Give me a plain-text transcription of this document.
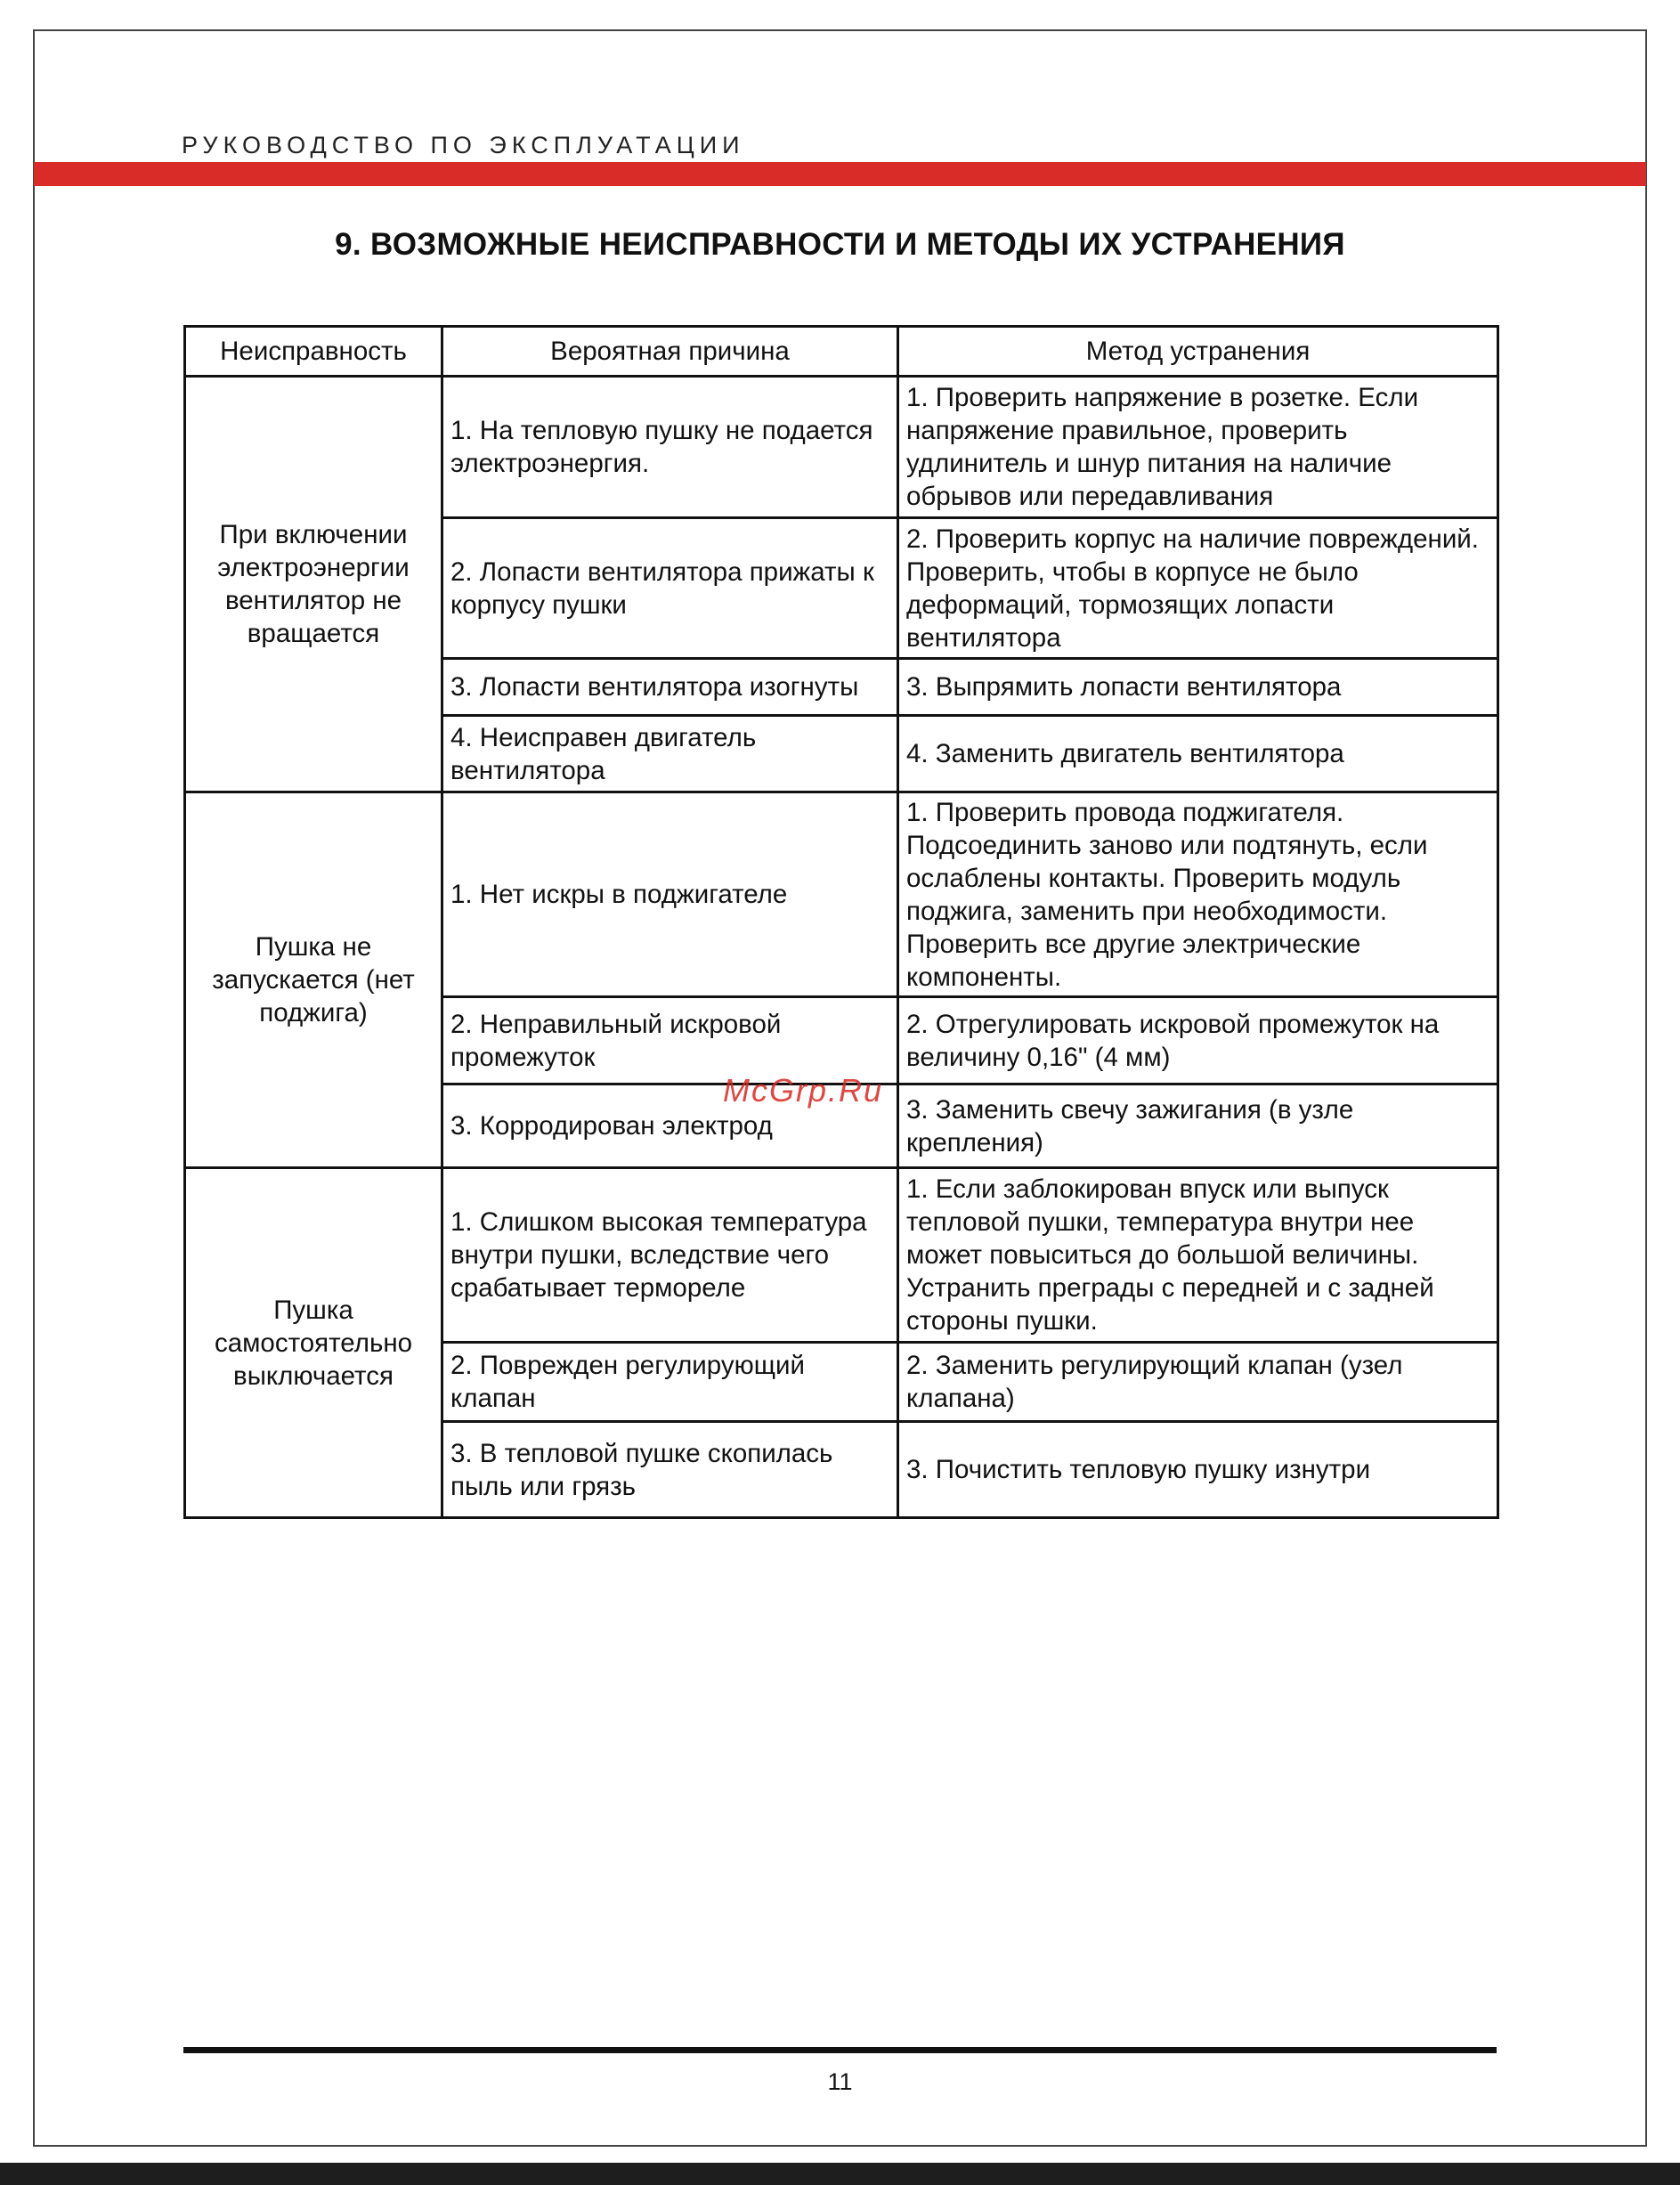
РУКОВОДСТВО ПО ЭКСПЛУАТАЦИИ
9. ВОЗМОЖНЫЕ НЕИСПРАВНОСТИ И МЕТОДЫ ИХ УСТРАНЕНИЯ
Неисправность	Вероятная причина	Метод устранения
При включении электроэнергии вентилятор не вращается	1. На тепловую пушку не подается электроэнергия.	1. Проверить напряжение в розетке. Если напряжение правильное, проверить удлинитель и шнур питания на наличие обрывов или передавливания
	2. Лопасти вентилятора прижаты к корпусу пушки	2. Проверить корпус на наличие повреждений. Проверить, чтобы в корпусе не было деформаций, тормозящих лопасти вентилятора
	3. Лопасти вентилятора изогнуты	3. Выпрямить лопасти вентилятора
	4. Неисправен двигатель вентилятора	4. Заменить двигатель вентилятора
Пушка не запускается (нет поджига)	1. Нет искры в поджигателе	1. Проверить провода поджигателя. Подсоединить заново или подтянуть, если ослаблены контакты. Проверить модуль поджига, заменить при необходимости. Проверить все другие электрические компоненты.
	2. Неправильный искровой промежуток	2. Отрегулировать искровой промежуток на величину 0,16" (4 мм)
	3. Корродирован электрод	3. Заменить свечу зажигания (в узле крепления)
Пушка самостоятельно выключается	1. Слишком высокая температура внутри пушки, вследствие чего срабатывает термореле	1. Если заблокирован впуск или выпуск тепловой пушки, температура внутри нее может повыситься до большой величины. Устранить преграды с передней и с задней стороны пушки.
	2. Поврежден регулирующий клапан	2. Заменить регулирующий клапан (узел клапана)
	3. В тепловой пушке скопилась пыль или грязь	3. Почистить тепловую пушку изнутри
McGrp.Ru
11
